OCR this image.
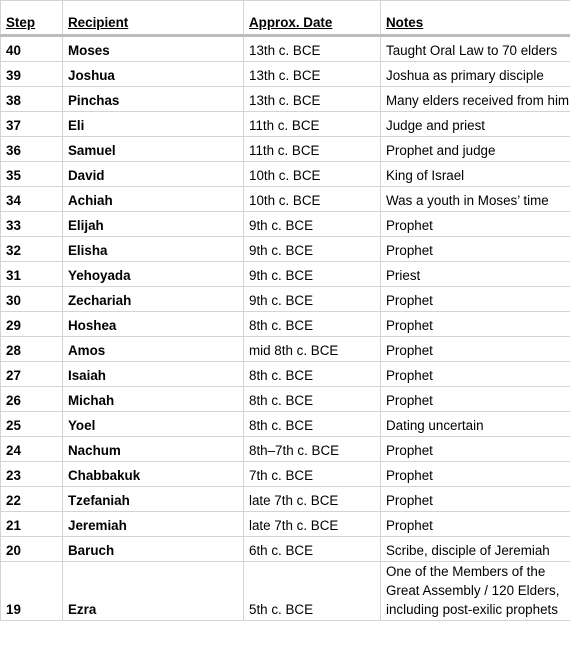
Step	Recipient	Approx. Date	Notes
40	Moses	13th c. BCE	Taught Oral Law to 70 elders
39	Joshua	13th c. BCE	Joshua as primary disciple
38	Pinchas	13th c. BCE	Many elders received from him
37	Eli	11th c. BCE	Judge and priest
36	Samuel	11th c. BCE	Prophet and judge
35	David	10th c. BCE	King of Israel
34	Achiah	10th c. BCE	Was a youth in Moses’ time
33	Elijah	9th c. BCE	Prophet
32	Elisha	9th c. BCE	Prophet
31	Yehoyada	9th c. BCE	Priest
30	Zechariah	9th c. BCE	Prophet
29	Hoshea	8th c. BCE	Prophet
28	Amos	mid 8th c. BCE	Prophet
27	Isaiah	8th c. BCE	Prophet
26	Michah	8th c. BCE	Prophet
25	Yoel	8th c. BCE	Dating uncertain
24	Nachum	8th–7th c. BCE	Prophet
23	Chabbakuk	7th c. BCE	Prophet
22	Tzefaniah	late 7th c. BCE	Prophet
21	Jeremiah	late 7th c. BCE	Prophet
20	Baruch	6th c. BCE	Scribe, disciple of Jeremiah
19	Ezra	5th c. BCE	One of the Members of the Great Assembly / 120 Elders, including post-exilic prophets
